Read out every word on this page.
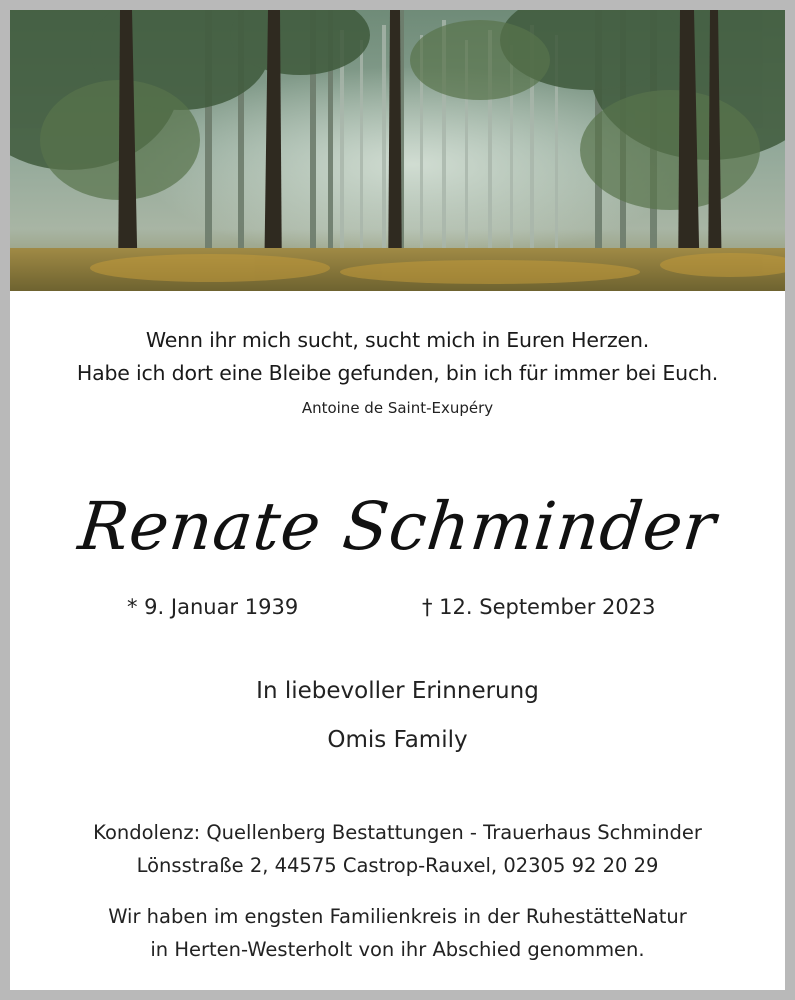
Wenn ihr mich sucht, sucht mich in Euren Herzen.
Habe ich dort eine Bleibe gefunden, bin ich für immer bei Euch.
Antoine de Saint-Exupéry
Renate Schminder
* 9. Januar 1939	† 12. September 2023
In liebevoller Erinnerung
Omis Family
Kondolenz: Quellenberg Bestattungen - Trauerhaus Schminder
Lönsstraße 2, 44575 Castrop-Rauxel, 02305 92 20 29
Wir haben im engsten Familienkreis in der RuhestätteNatur
in Herten-Westerholt von ihr Abschied genommen.
